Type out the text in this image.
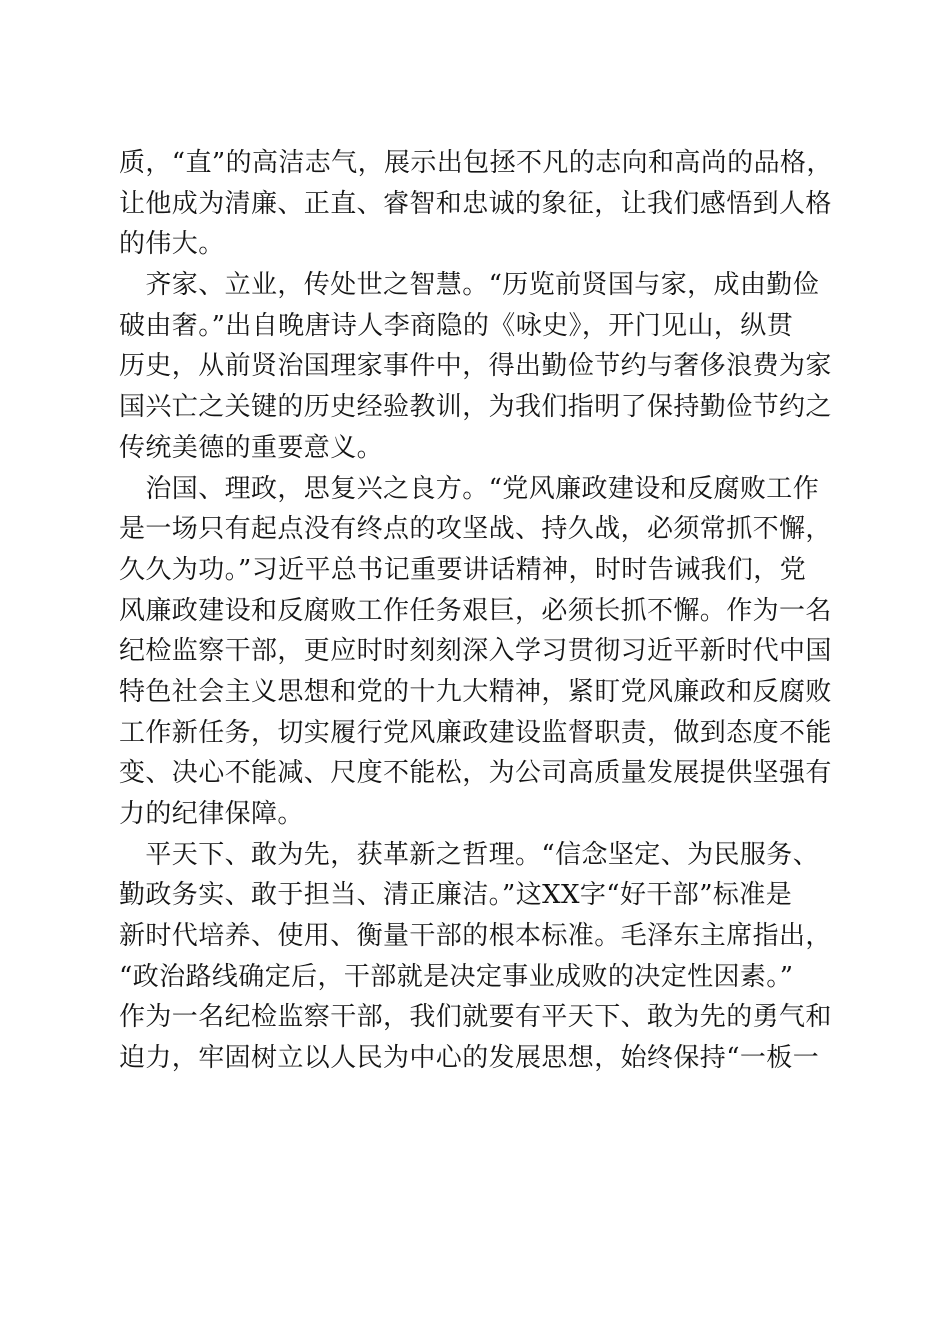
质，“直”的高洁志气，展示出包拯不凡的志向和高尚的品格，
让他成为清廉、正直、睿智和忠诚的象征，让我们感悟到人格
的伟大。
　齐家、立业，传处世之智慧。“历览前贤国与家，成由勤俭
破由奢。”出自晚唐诗人李商隐的《咏史》，开门见山，纵贯
历史，从前贤治国理家事件中，得出勤俭节约与奢侈浪费为家
国兴亡之关键的历史经验教训，为我们指明了保持勤俭节约之
传统美德的重要意义。
　治国、理政，思复兴之良方。“党风廉政建设和反腐败工作
是一场只有起点没有终点的攻坚战、持久战，必须常抓不懈，
久久为功。”习近平总书记重要讲话精神，时时告诫我们，党
风廉政建设和反腐败工作任务艰巨，必须长抓不懈。作为一名
纪检监察干部，更应时时刻刻深入学习贯彻习近平新时代中国
特色社会主义思想和党的十九大精神，紧盯党风廉政和反腐败
工作新任务，切实履行党风廉政建设监督职责，做到态度不能
变、决心不能减、尺度不能松，为公司高质量发展提供坚强有
力的纪律保障。
　平天下、敢为先，获革新之哲理。“信念坚定、为民服务、
勤政务实、敢于担当、清正廉洁。”这XX字“好干部”标准是
新时代培养、使用、衡量干部的根本标准。毛泽东主席指出，
“政治路线确定后，干部就是决定事业成败的决定性因素。”
作为一名纪检监察干部，我们就要有平天下、敢为先的勇气和
迫力，牢固树立以人民为中心的发展思想，始终保持“一板一
